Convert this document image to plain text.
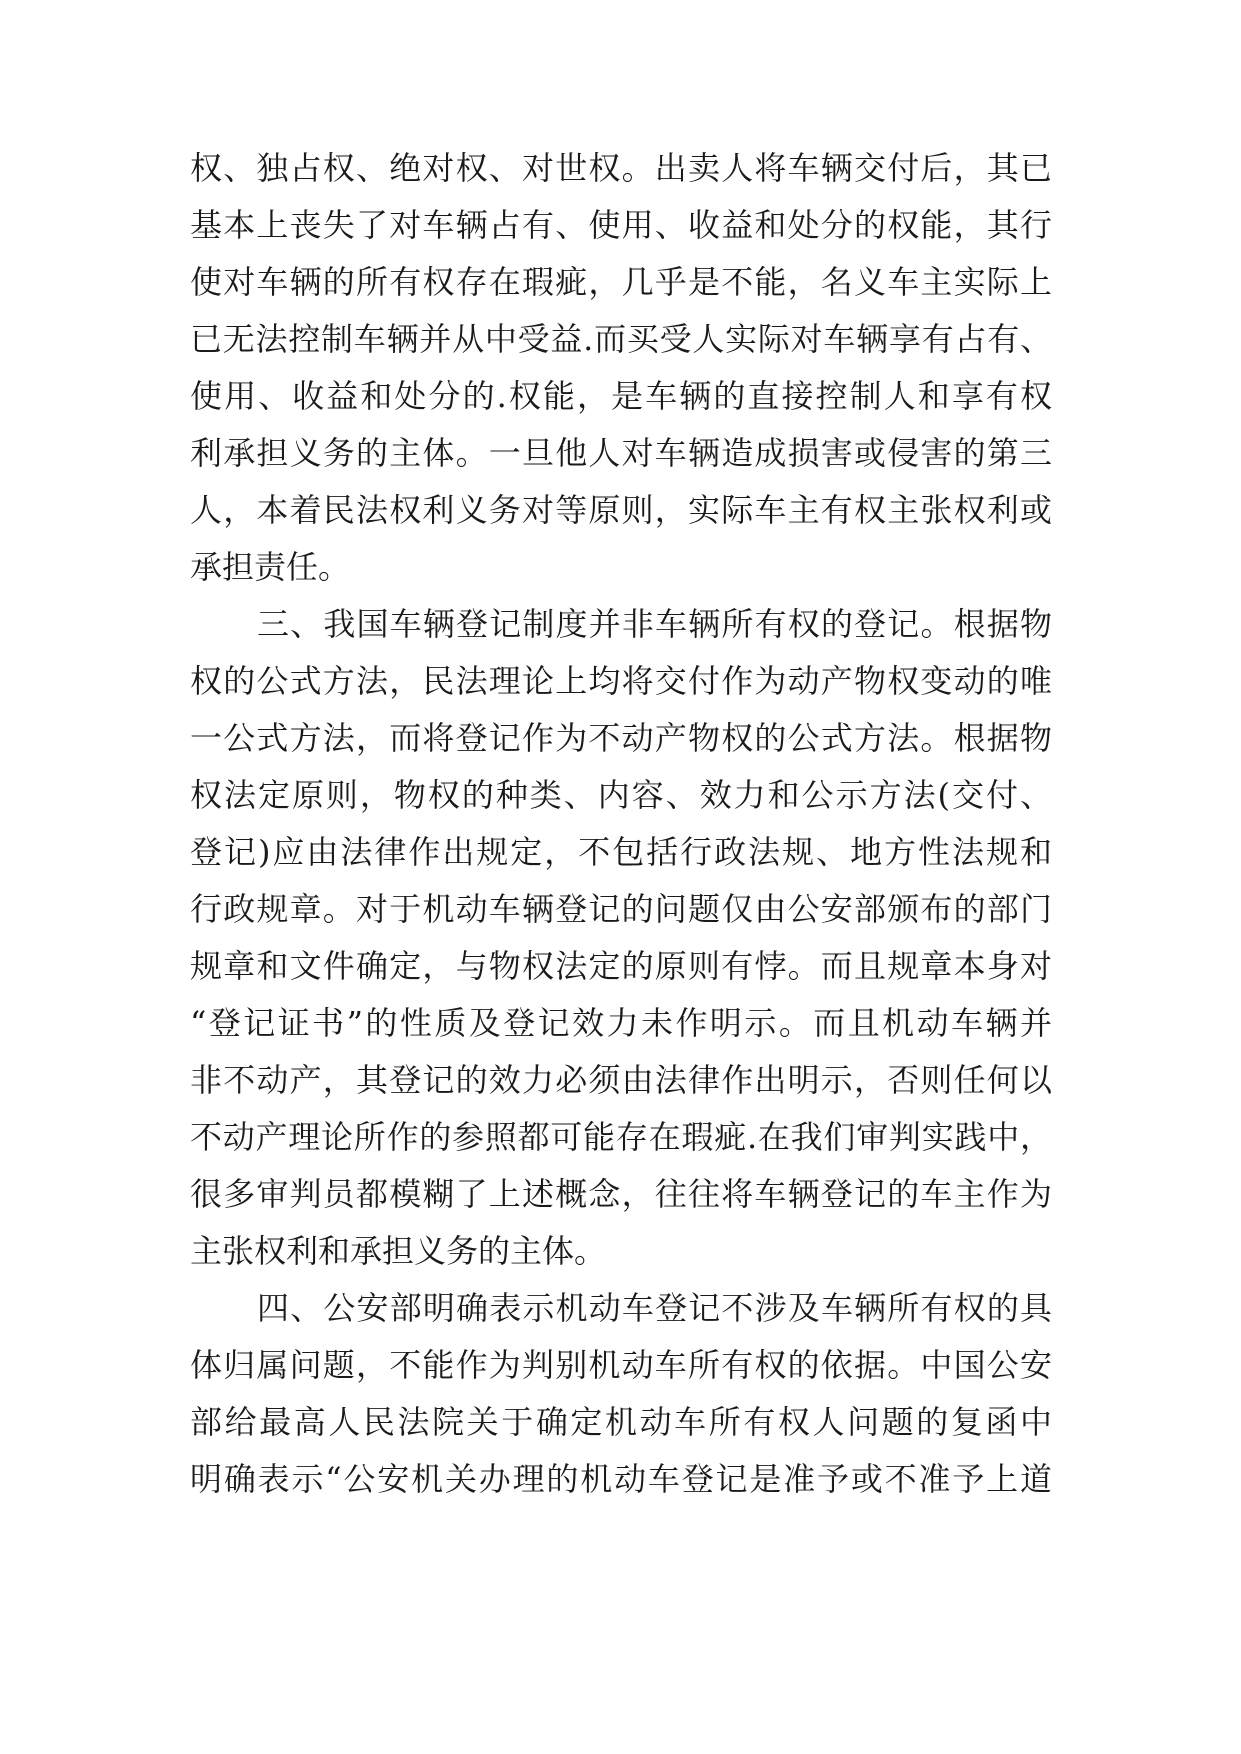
权、独占权、绝对权、对世权。出卖人将车辆交付后，其已
基本上丧失了对车辆占有、使用、收益和处分的权能，其行
使对车辆的所有权存在瑕疵，几乎是不能，名义车主实际上
已无法控制车辆并从中受益.而买受人实际对车辆享有占有、
使用、收益和处分的.权能，是车辆的直接控制人和享有权
利承担义务的主体。一旦他人对车辆造成损害或侵害的第三
人，本着民法权利义务对等原则，实际车主有权主张权利或
承担责任。
三、我国车辆登记制度并非车辆所有权的登记。根据物
权的公式方法，民法理论上均将交付作为动产物权变动的唯
一公式方法，而将登记作为不动产物权的公式方法。根据物
权法定原则，物权的种类、内容、效力和公示方法(交付、
登记)应由法律作出规定，不包括行政法规、地方性法规和
行政规章。对于机动车辆登记的问题仅由公安部颁布的部门
规章和文件确定，与物权法定的原则有悖。而且规章本身对
“登记证书”的性质及登记效力未作明示。而且机动车辆并
非不动产，其登记的效力必须由法律作出明示，否则任何以
不动产理论所作的参照都可能存在瑕疵.在我们审判实践中，
很多审判员都模糊了上述概念，往往将车辆登记的车主作为
主张权利和承担义务的主体。
四、公安部明确表示机动车登记不涉及车辆所有权的具
体归属问题，不能作为判别机动车所有权的依据。中国公安
部给最高人民法院关于确定机动车所有权人问题的复函中
明确表示“公安机关办理的机动车登记是准予或不准予上道
